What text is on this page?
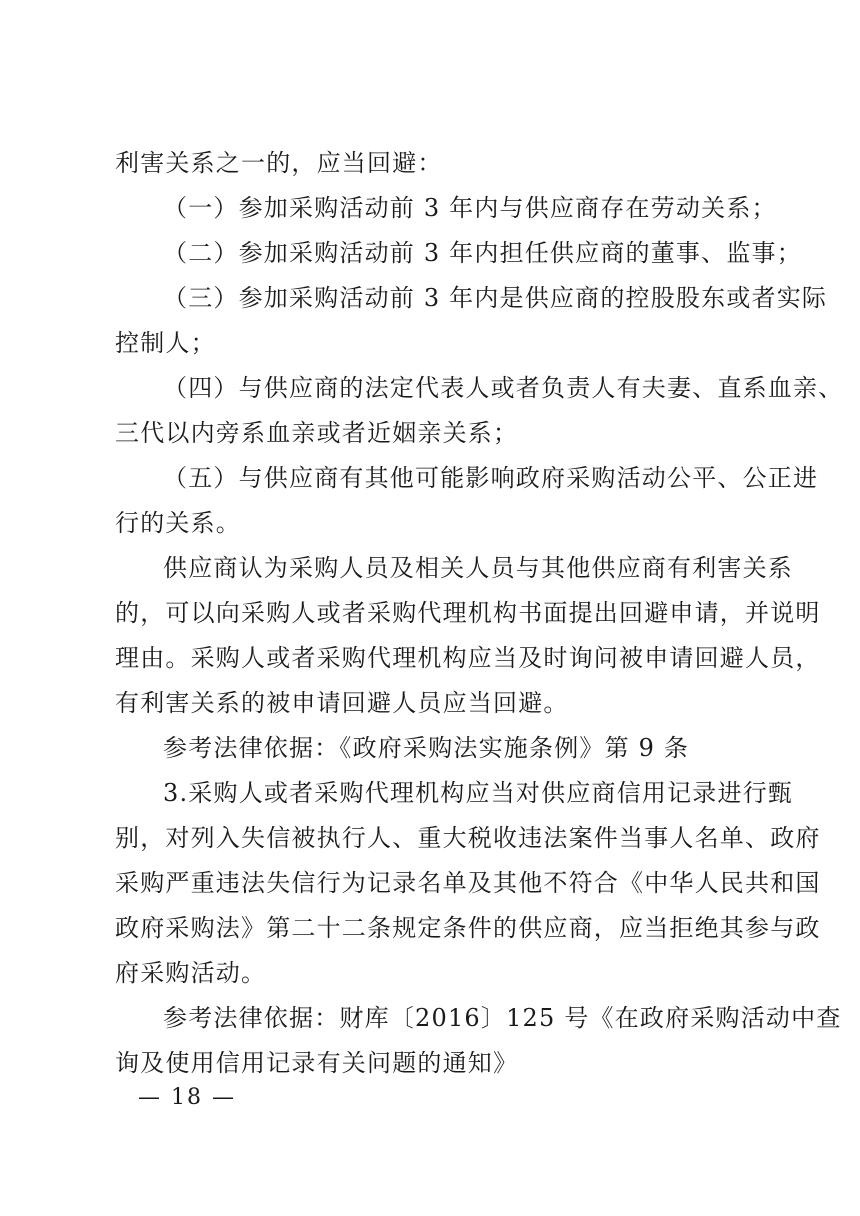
利害关系之一的，应当回避：
（一）参加采购活动前 3 年内与供应商存在劳动关系；
（二）参加采购活动前 3 年内担任供应商的董事、监事；
（三）参加采购活动前 3 年内是供应商的控股股东或者实际
控制人；
（四）与供应商的法定代表人或者负责人有夫妻、直系血亲、
三代以内旁系血亲或者近姻亲关系；
（五）与供应商有其他可能影响政府采购活动公平、公正进
行的关系。
供应商认为采购人员及相关人员与其他供应商有利害关系
的，可以向采购人或者采购代理机构书面提出回避申请，并说明
理由。采购人或者采购代理机构应当及时询问被申请回避人员，
有利害关系的被申请回避人员应当回避。
参考法律依据：《政府采购法实施条例》第 9 条
3.采购人或者采购代理机构应当对供应商信用记录进行甄
别，对列入失信被执行人、重大税收违法案件当事人名单、政府
采购严重违法失信行为记录名单及其他不符合《中华人民共和国
政府采购法》第二十二条规定条件的供应商，应当拒绝其参与政
府采购活动。
参考法律依据：财库〔2016〕125 号《在政府采购活动中查
询及使用信用记录有关问题的通知》
— 18 —
